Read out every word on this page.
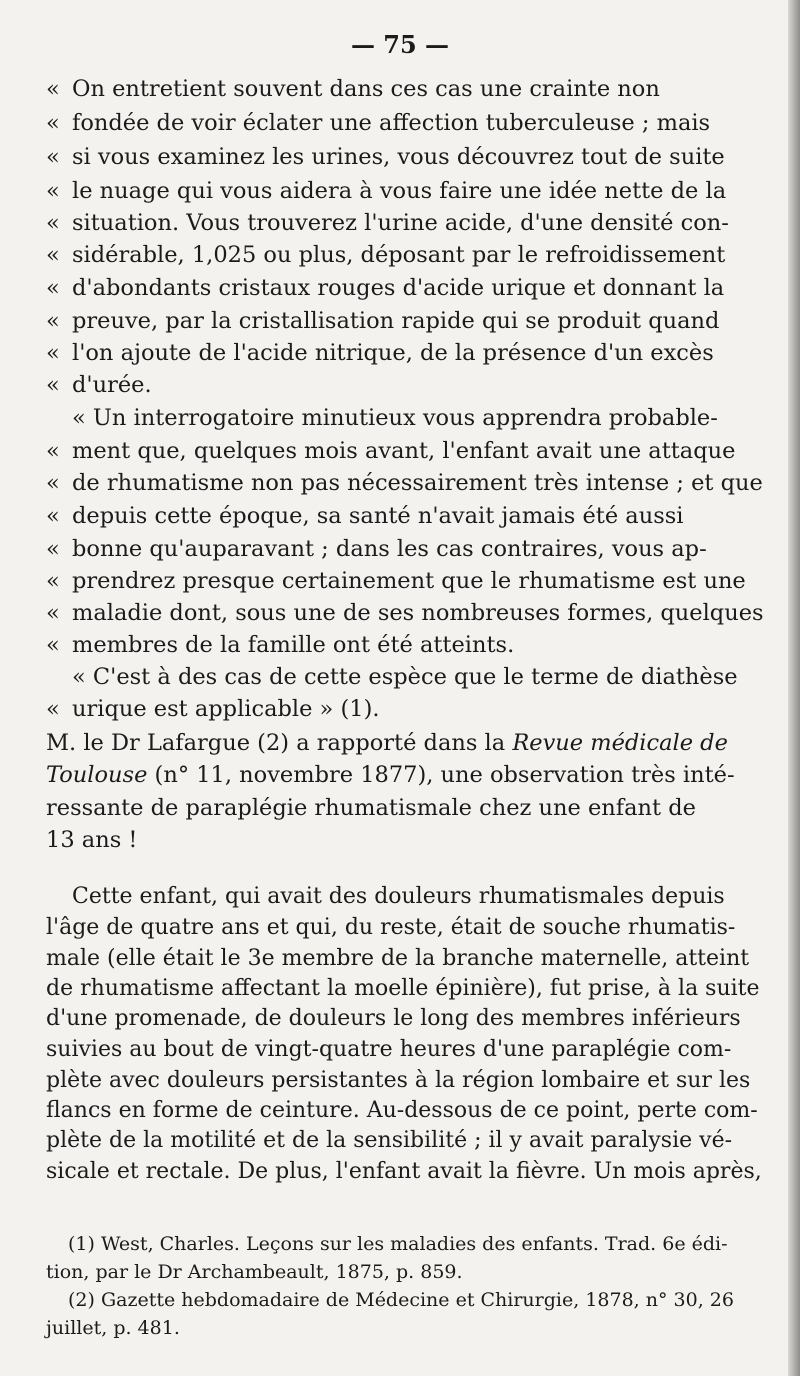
— 75 —
« On entretient souvent dans ces cas une crainte non
« fondée de voir éclater une affection tuberculeuse ; mais
« si vous examinez les urines, vous découvrez tout de suite
« le nuage qui vous aidera à vous faire une idée nette de la
« situation. Vous trouverez l'urine acide, d'une densité con-
« sidérable, 1,025 ou plus, déposant par le refroidissement
« d'abondants cristaux rouges d'acide urique et donnant la
« preuve, par la cristallisation rapide qui se produit quand
« l'on ajoute de l'acide nitrique, de la présence d'un excès
« d'urée.
« Un interrogatoire minutieux vous apprendra probable-
« ment que, quelques mois avant, l'enfant avait une attaque
« de rhumatisme non pas nécessairement très intense ; et que
« depuis cette époque, sa santé n'avait jamais été aussi
« bonne qu'auparavant ; dans les cas contraires, vous ap-
« prendrez presque certainement que le rhumatisme est une
« maladie dont, sous une de ses nombreuses formes, quelques
« membres de la famille ont été atteints.
« C'est à des cas de cette espèce que le terme de diathèse
« urique est applicable » (1).
M. le Dr Lafargue (2) a rapporté dans la Revue médicale de
Toulouse (n° 11, novembre 1877), une observation très inté-
ressante de paraplégie rhumatismale chez une enfant de
13 ans !
Cette enfant, qui avait des douleurs rhumatismales depuis
l'âge de quatre ans et qui, du reste, était de souche rhumatis-
male (elle était le 3e membre de la branche maternelle, atteint
de rhumatisme affectant la moelle épinière), fut prise, à la suite
d'une promenade, de douleurs le long des membres inférieurs
suivies au bout de vingt-quatre heures d'une paraplégie com-
plète avec douleurs persistantes à la région lombaire et sur les
flancs en forme de ceinture. Au-dessous de ce point, perte com-
plète de la motilité et de la sensibilité ; il y avait paralysie vé-
sicale et rectale. De plus, l'enfant avait la fièvre. Un mois après,
(1) West, Charles. Leçons sur les maladies des enfants. Trad. 6e édi-
tion, par le Dr Archambeault, 1875, p. 859.
(2) Gazette hebdomadaire de Médecine et Chirurgie, 1878, n° 30, 26
juillet, p. 481.
